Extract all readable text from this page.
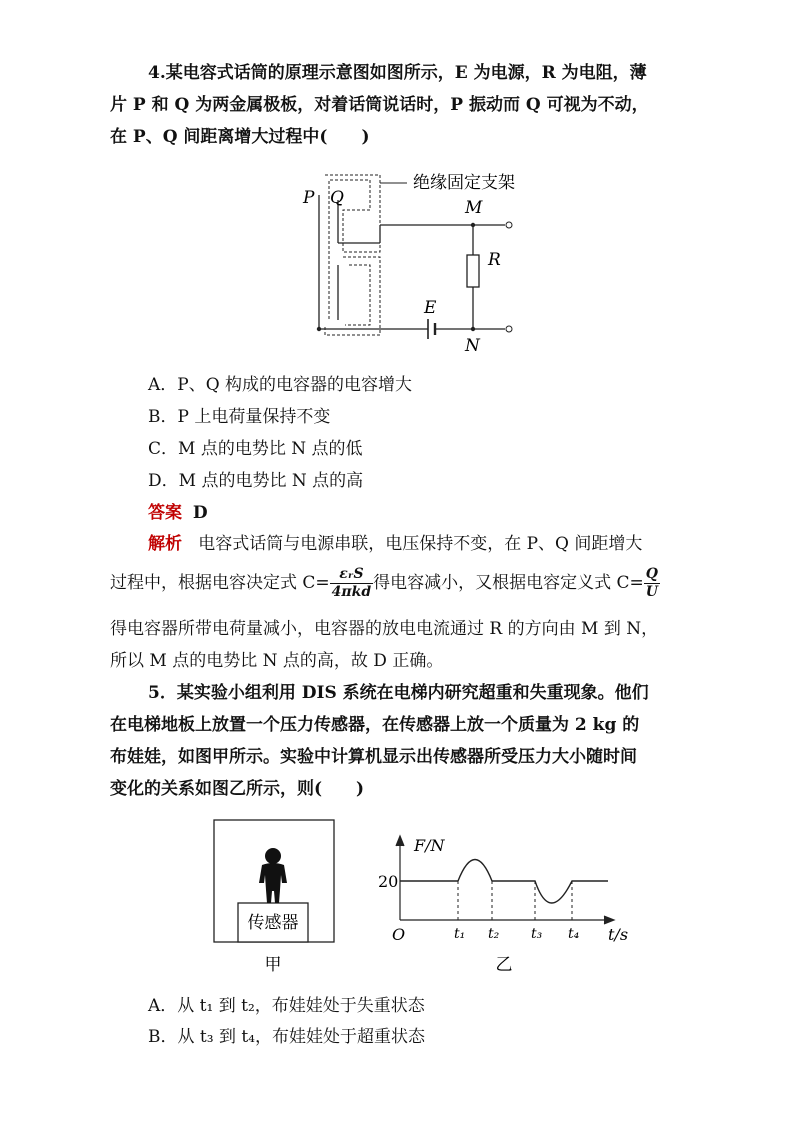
4.某电容式话筒的原理示意图如图所示，E 为电源，R 为电阻，薄
片 P 和 Q 为两金属极板，对着话筒说话时，P 振动而 Q 可视为不动，
在 P、Q 间距离增大过程中(　　)
P Q
绝缘固定支架
M
R
E
N
A．P、Q 构成的电容器的电容增大
B．P 上电荷量保持不变
C．M 点的电势比 N 点的低
D．M 点的电势比 N 点的高
答案 D
解析 电容式话筒与电源串联，电压保持不变，在 P、Q 间距增大
过程中，根据电容决定式 $C= \frac{\text{εᵣS}}{\text{4πkd}}$ 得电容减小，又根据电容定义式 $C= \frac{Q}{U}$
得电容器所带电荷量减小，电容器的放电电流通过 R 的方向由 M 到 N，
所以 M 点的电势比 N 点的高，故 D 正确。
5．某实验小组利用 DIS 系统在电梯内研究超重和失重现象。他们
在电梯地板上放置一个压力传感器，在传感器上放一个质量为 2 kg 的
布娃娃，如图甲所示。实验中计算机显示出传感器所受压力大小随时间
变化的关系如图乙所示，则(　　)
传感器
甲
F/N
20
O	t₁ t₂ t₃ t₄ t/s
乙
A．从 t₁ 到 t₂，布娃娃处于失重状态
B．从 t₃ 到 t₄，布娃娃处于超重状态
